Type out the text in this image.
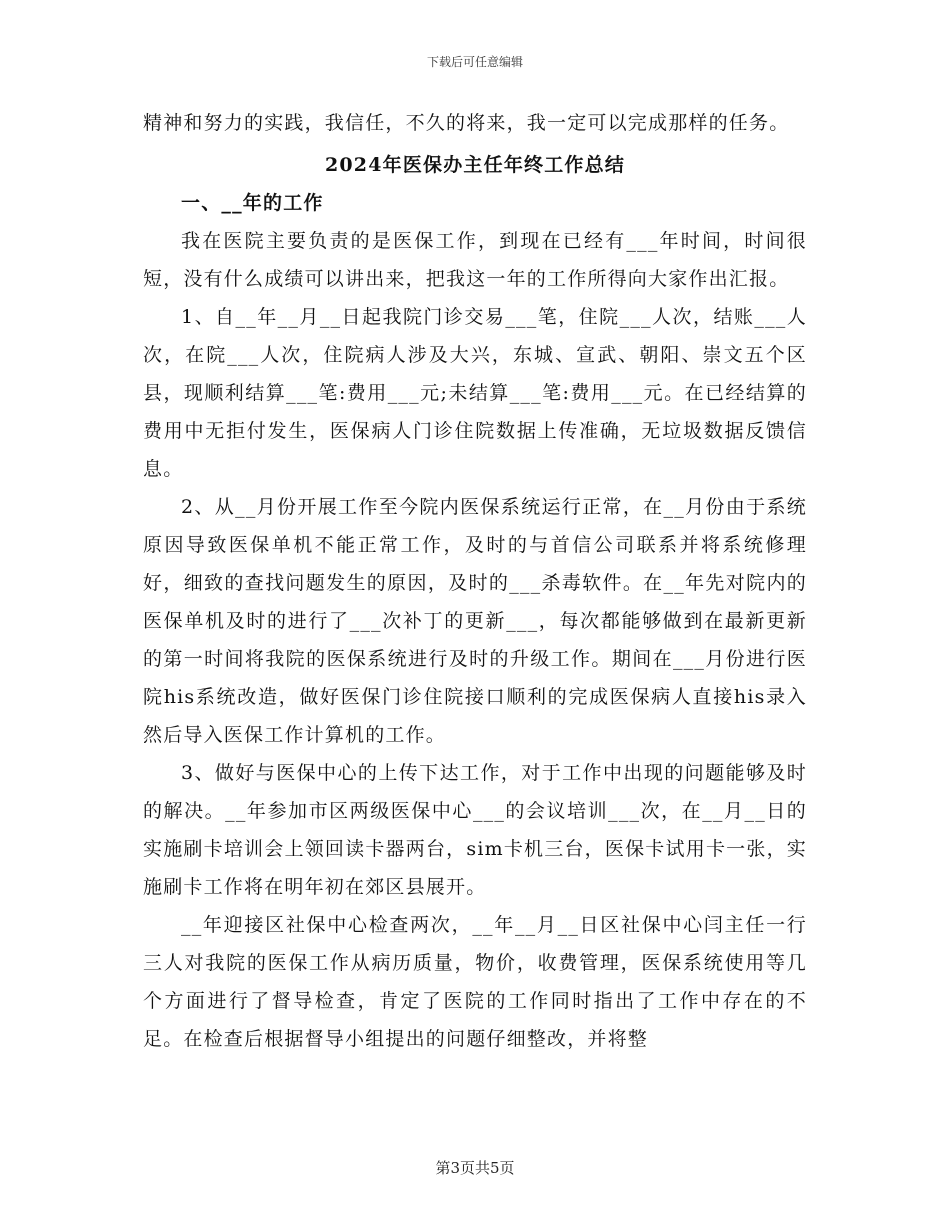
下载后可任意编辑

精神和努力的实践，我信任，不久的将来，我一定可以完成那样的任务。

2024年医保办主任年终工作总结

一、__年的工作

我在医院主要负责的是医保工作，到现在已经有___年时间，时间很短，没有什么成绩可以讲出来，把我这一年的工作所得向大家作出汇报。

1、自__年__月__日起我院门诊交易___笔，住院___人次，结账___人次，在院___人次，住院病人涉及大兴，东城、宣武、朝阳、崇文五个区县，现顺利结算___笔:费用___元;未结算___笔:费用___元。在已经结算的费用中无拒付发生，医保病人门诊住院数据上传准确，无垃圾数据反馈信息。

2、从__月份开展工作至今院内医保系统运行正常，在__月份由于系统原因导致医保单机不能正常工作，及时的与首信公司联系并将系统修理好，细致的查找问题发生的原因，及时的___杀毒软件。在__年先对院内的医保单机及时的进行了___次补丁的更新___，每次都能够做到在最新更新的第一时间将我院的医保系统进行及时的升级工作。期间在___月份进行医院his系统改造，做好医保门诊住院接口顺利的完成医保病人直接his录入然后导入医保工作计算机的工作。

3、做好与医保中心的上传下达工作，对于工作中出现的问题能够及时的解决。__年参加市区两级医保中心___的会议培训___次，在__月__日的实施刷卡培训会上领回读卡器两台，sim卡机三台，医保卡试用卡一张，实施刷卡工作将在明年初在郊区县展开。

__年迎接区社保中心检查两次，__年__月__日区社保中心闫主任一行三人对我院的医保工作从病历质量，物价，收费管理，医保系统使用等几个方面进行了督导检查，肯定了医院的工作同时指出了工作中存在的不足。在检查后根据督导小组提出的问题仔细整改，并将整

第3页共5页
